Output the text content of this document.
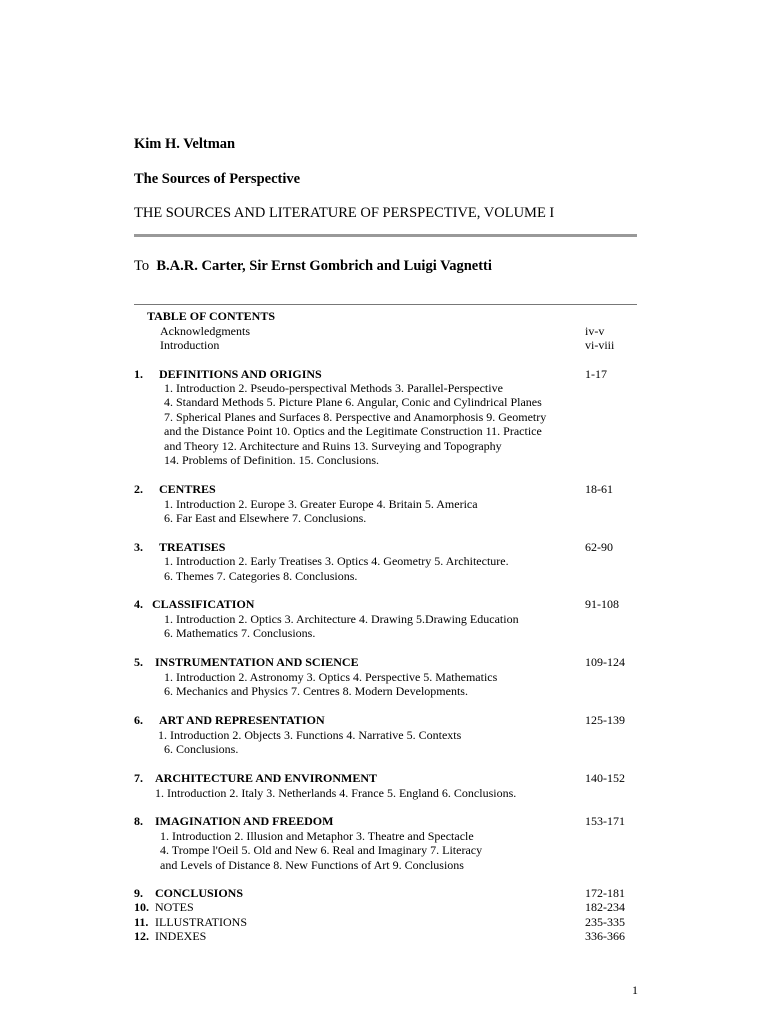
Kim H. Veltman
The Sources of Perspective
THE SOURCES AND LITERATURE OF PERSPECTIVE, VOLUME I
To B.A.R. Carter, Sir Ernst Gombrich and Luigi Vagnetti
TABLE OF CONTENTS
Acknowledgments	iv-v
Introduction	vi-viii
1. DEFINITIONS AND ORIGINS	1-17
1. Introduction 2. Pseudo-perspectival Methods 3. Parallel-Perspective
4. Standard Methods 5. Picture Plane 6. Angular, Conic and Cylindrical Planes
7. Spherical Planes and Surfaces 8. Perspective and Anamorphosis 9. Geometry
and the Distance Point 10. Optics and the Legitimate Construction 11. Practice
and Theory 12. Architecture and Ruins 13. Surveying and Topography
14. Problems of Definition. 15. Conclusions.
2. CENTRES	18-61
1. Introduction 2. Europe 3. Greater Europe 4. Britain 5. America
6. Far East and Elsewhere 7. Conclusions.
3. TREATISES	62-90
1. Introduction 2. Early Treatises 3. Optics 4. Geometry 5. Architecture.
6. Themes 7. Categories 8. Conclusions.
4. CLASSIFICATION	91-108
1. Introduction 2. Optics 3. Architecture 4. Drawing 5.Drawing Education
6. Mathematics 7. Conclusions.
5. INSTRUMENTATION AND SCIENCE	109-124
1. Introduction 2. Astronomy 3. Optics 4. Perspective 5. Mathematics
6. Mechanics and Physics 7. Centres 8. Modern Developments.
6. ART AND REPRESENTATION	125-139
1. Introduction 2. Objects 3. Functions 4. Narrative 5. Contexts
6. Conclusions.
7. ARCHITECTURE AND ENVIRONMENT	140-152
1. Introduction 2. Italy 3. Netherlands 4. France 5. England 6. Conclusions.
8. IMAGINATION AND FREEDOM	153-171
1. Introduction 2. Illusion and Metaphor 3. Theatre and Spectacle
4. Trompe l'Oeil 5. Old and New 6. Real and Imaginary 7. Literacy
and Levels of Distance 8. New Functions of Art 9. Conclusions
9. CONCLUSIONS	172-181
10. NOTES	182-234
11. ILLUSTRATIONS	235-335
12. INDEXES	336-366
1
